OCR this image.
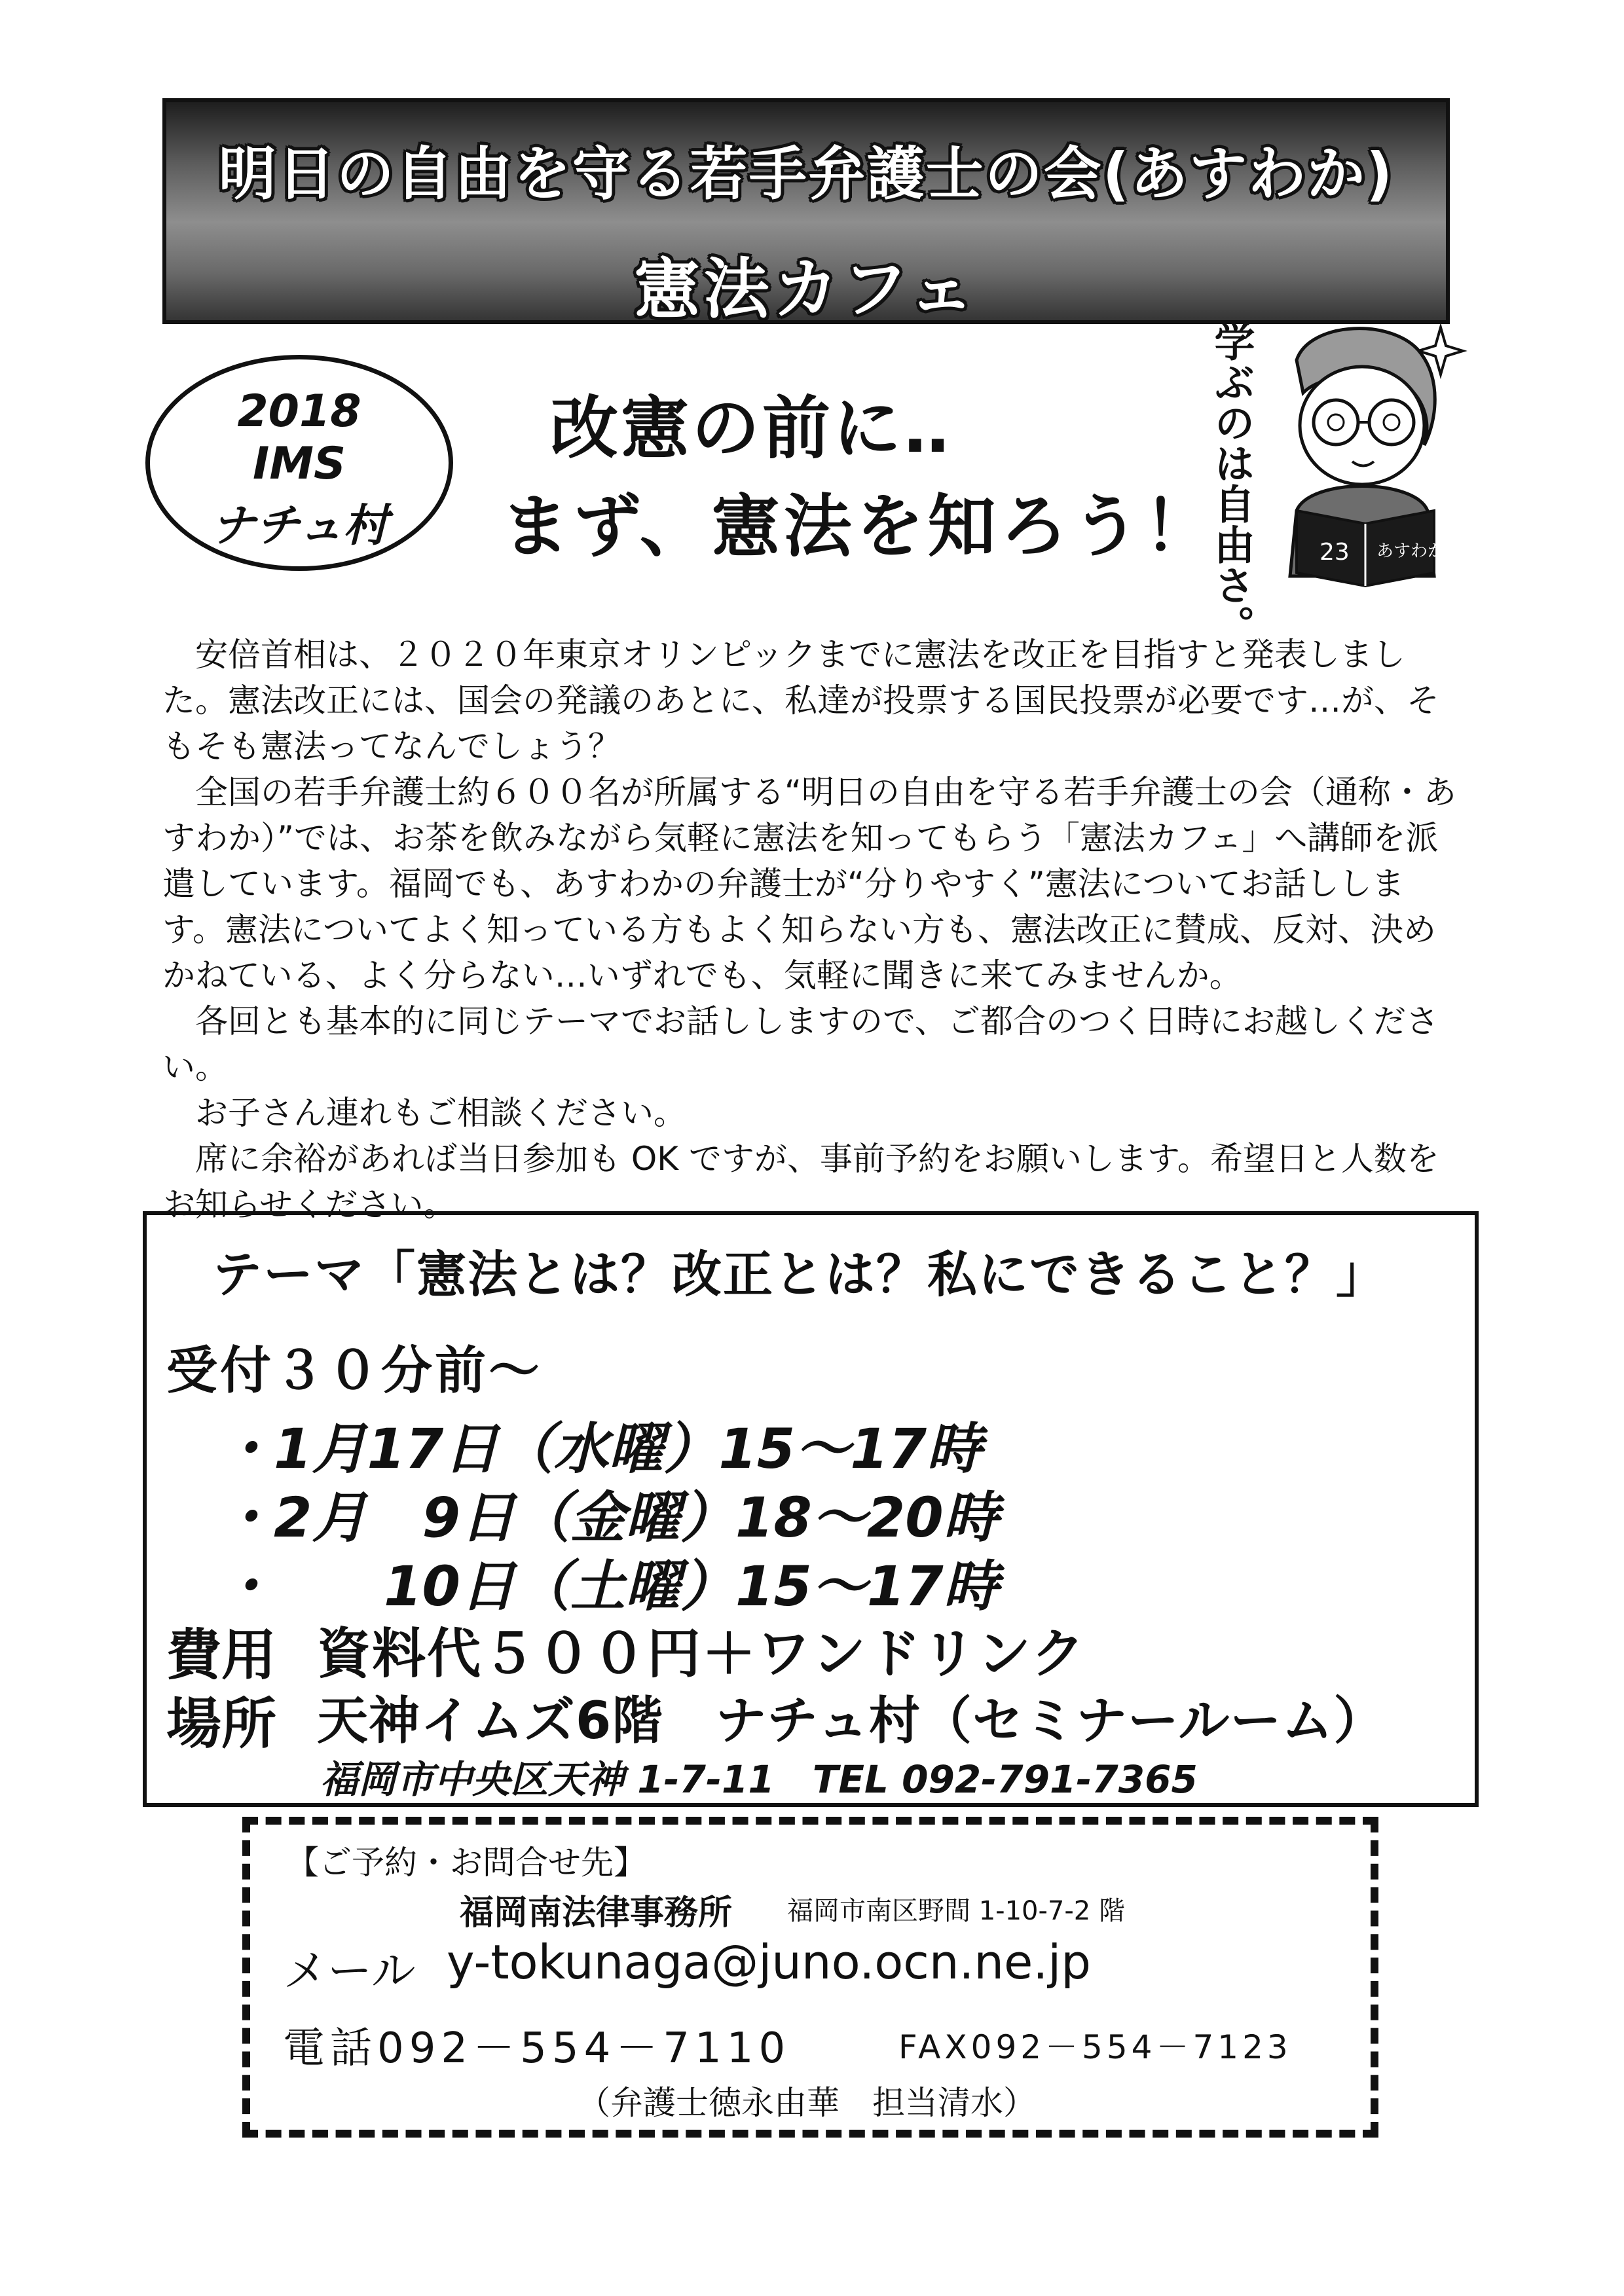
明日の自由を守る若手弁護士の会(あすわか)
憲法カフェ
2018
IMS
ナチュ村
改憲の前に‥
まず、憲法を知ろう！	23 あすわか
学ぶのは自由さ。

安倍首相は、２０２０年東京オリンピックまでに憲法を改正を目指すと発表しました。憲法改正には、国会の発議のあとに、私達が投票する国民投票が必要です…が、そもそも憲法ってなんでしょう？

全国の若手弁護士約６００名が所属する“明日の自由を守る若手弁護士の会（通称・あすわか）”では、お茶を飲みながら気軽に憲法を知ってもらう「憲法カフェ」へ講師を派遣しています。福岡でも、あすわかの弁護士が“分りやすく”憲法についてお話しします。憲法についてよく知っている方もよく知らない方も、憲法改正に賛成、反対、決めかねている、よく分らない…いずれでも、気軽に聞きに来てみませんか。

各回とも基本的に同じテーマでお話ししますので、ご都合のつく日時にお越しください。

お子さん連れもご相談ください。

席に余裕があれば当日参加も OK ですが、事前予約をお願いします。希望日と人数をお知らせください。

テーマ「憲法とは？改正とは？私にできること？」
受付３０分前～
・1月17日（水曜）15～17時
・2月　9日（金曜）18～20時
・　　10日（土曜）15～17時
費用 資料代５００円＋ワンドリンク
場所 天神イムズ6階　ナチュ村（セミナールーム）
福岡市中央区天神 1-7-11　TEL 092-791-7365
【ご予約・お問合せ先】
福岡南法律事務所 福岡市南区野間 1-10-7-2 階
メール y-tokunaga@juno.ocn.ne.jp
電話092－554－7110	FAX092－554－7123
（弁護士徳永由華　担当清水）
